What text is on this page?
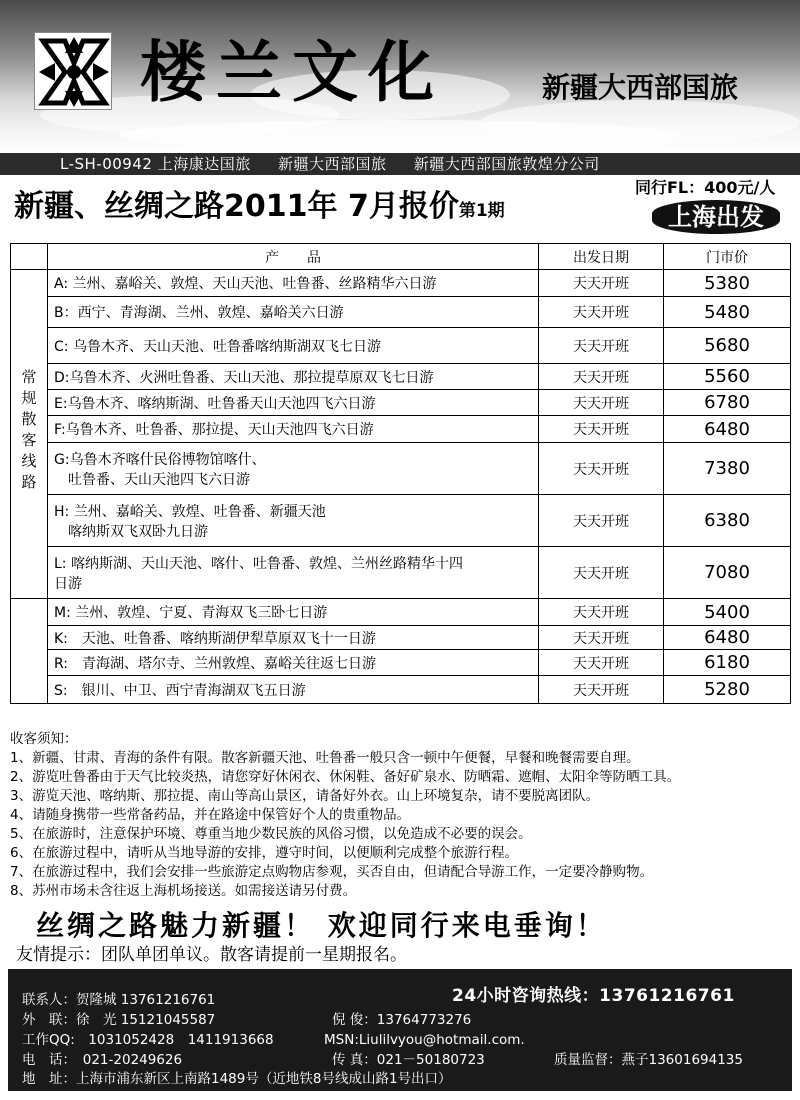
楼兰文化	新疆大西部国旅
L-SH-00942 上海康达国旅 新疆大西部国旅 新疆大西部国旅敦煌分公司
新疆、丝绸之路2011年 7月报价第1期
同行FL：400元/人
上海出发
	产　　品	出发日期	门市价
常规散客线路	A: 兰州、嘉峪关、敦煌、天山天池、吐鲁番、丝路精华六日游	天天开班	5380
	B：西宁、青海湖、兰州、敦煌、嘉峪关六日游	天天开班	5480
	C: 乌鲁木齐、天山天池、吐鲁番喀纳斯湖双飞七日游	天天开班	5680
	D:乌鲁木齐、火洲吐鲁番、天山天池、那拉提草原双飞七日游	天天开班	5560
	E:乌鲁木齐、喀纳斯湖、吐鲁番天山天池四飞六日游	天天开班	6780
	F:乌鲁木齐、吐鲁番、那拉提、天山天池四飞六日游	天天开班	6480
	G:乌鲁木齐喀什民俗博物馆喀什、
吐鲁番、天山天池四飞六日游	天天开班	7380
	H: 兰州、嘉峪关、敦煌、吐鲁番、新疆天池
喀纳斯双飞双卧九日游	天天开班	6380
	L: 喀纳斯湖、天山天池、喀什、吐鲁番、敦煌、兰州丝路精华十四
日游	天天开班	7080
	M: 兰州、敦煌、宁夏、青海双飞三卧七日游	天天开班	5400
	K:　天池、吐鲁番、喀纳斯湖伊犁草原双飞十一日游	天天开班	6480
	R:　青海湖、塔尔寺、兰州敦煌、嘉峪关往返七日游	天天开班	6180
	S:　银川、中卫、西宁青海湖双飞五日游	天天开班	5280
收客须知：
1、新疆、甘肃、青海的条件有限。散客新疆天池、吐鲁番一般只含一顿中午便餐，早餐和晚餐需要自理。
2、游览吐鲁番由于天气比较炎热，请您穿好休闲衣、休闲鞋、备好矿泉水、防晒霜、遮帽、太阳伞等防晒工具。
3、游览天池、喀纳斯、那拉提、南山等高山景区，请备好外衣。山上环境复杂，请不要脱离团队。
4、请随身携带一些常备药品，并在路途中保管好个人的贵重物品。
5、在旅游时，注意保护环境、尊重当地少数民族的风俗习惯，以免造成不必要的误会。
6、在旅游过程中，请听从当地导游的安排，遵守时间，以便顺利完成整个旅游行程。
7、在旅游过程中，我们会安排一些旅游定点购物店参观，买否自由，但请配合导游工作，一定要冷静购物。
8、苏州市场未含往返上海机场接送。如需接送请另付费。
丝绸之路魅力新疆！ 欢迎同行来电垂询！
友情提示：团队单团单议。散客请提前一星期报名。
联系人：贺隆城 13761216761	24小时咨询热线：13761216761
外　联：徐　光 15121045587	倪 俊：13764773276
工作QQ:　1031052428　1411913668	MSN:Liulilvyou@hotmail.com.
电　话：　021-20249626	传 真：021－50180723	质量监督：燕子13601694135
地　址：上海市浦东新区上南路1489号（近地铁8号线成山路1号出口）
